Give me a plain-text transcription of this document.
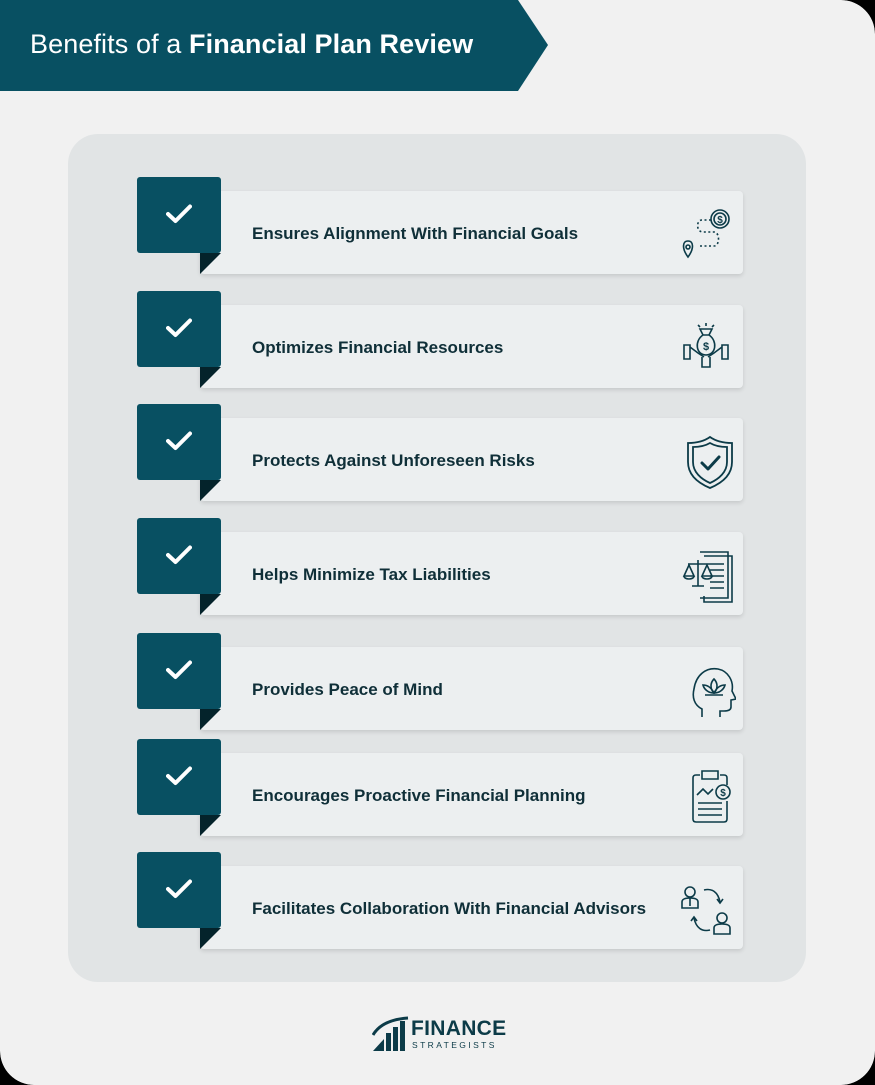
Benefits of a Financial Plan Review
Ensures Alignment With Financial Goals
$
Optimizes Financial Resources	$
Protects Against Unforeseen Risks
Helps Minimize Tax Liabilities
Provides Peace of Mind
Encourages Proactive Financial Planning	$
Facilitates Collaboration With Financial Advisors
FINANCE
STRATEGISTS
